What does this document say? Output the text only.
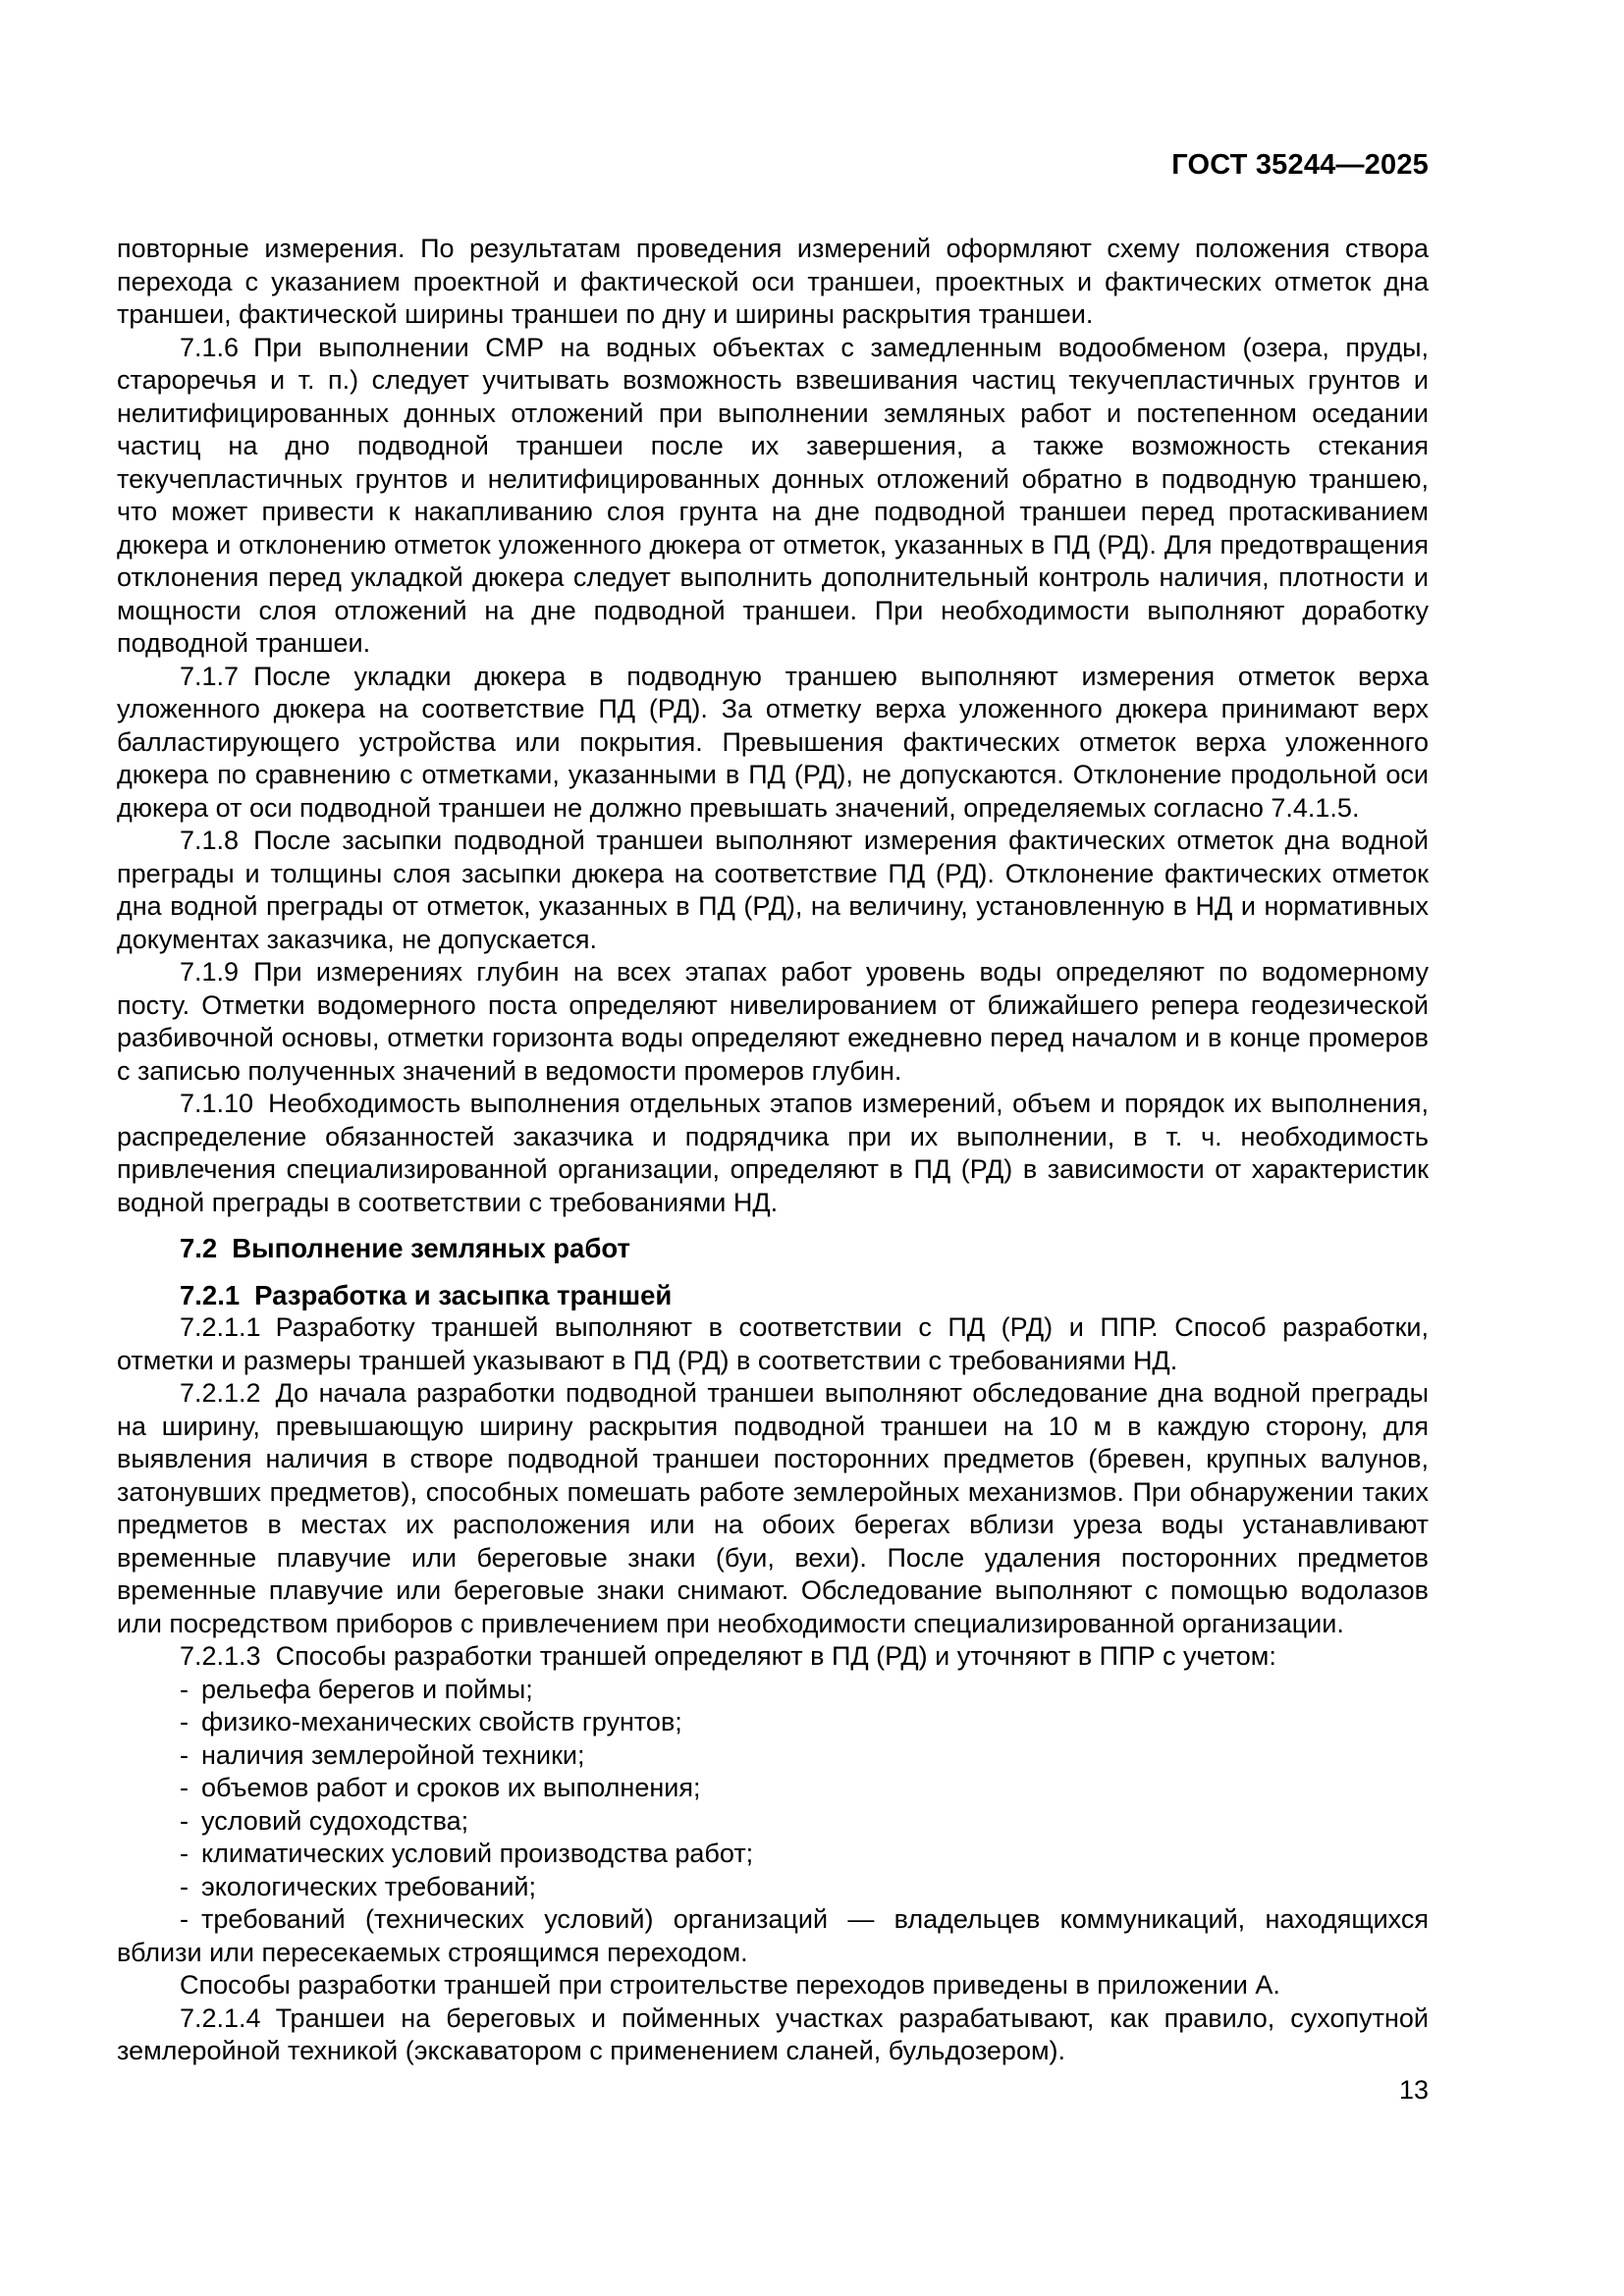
ГОСТ 35244—2025

повторные измерения. По результатам проведения измерений оформляют схему положения створа перехода с указанием проектной и фактической оси траншеи, проектных и фактических отметок дна траншеи, фактической ширины траншеи по дну и ширины раскрытия траншеи.

7.1.6 При выполнении СМР на водных объектах с замедленным водообменом (озера, пруды, староречья и т. п.) следует учитывать возможность взвешивания частиц текучепластичных грунтов и нелитифицированных донных отложений при выполнении земляных работ и постепенном оседании частиц на дно подводной траншеи после их завершения, а также возможность стекания текучепластичных грунтов и нелитифицированных донных отложений обратно в подводную траншею, что может привести к накапливанию слоя грунта на дне подводной траншеи перед протаскиванием дюкера и отклонению отметок уложенного дюкера от отметок, указанных в ПД (РД). Для предотвращения отклонения перед укладкой дюкера следует выполнить дополнительный контроль наличия, плотности и мощности слоя отложений на дне подводной траншеи. При необходимости выполняют доработку подводной траншеи.

7.1.7 После укладки дюкера в подводную траншею выполняют измерения отметок верха уложенного дюкера на соответствие ПД (РД). За отметку верха уложенного дюкера принимают верх балластирующего устройства или покрытия. Превышения фактических отметок верха уложенного дюкера по сравнению с отметками, указанными в ПД (РД), не допускаются. Отклонение продольной оси дюкера от оси подводной траншеи не должно превышать значений, определяемых согласно 7.4.1.5.

7.1.8 После засыпки подводной траншеи выполняют измерения фактических отметок дна водной преграды и толщины слоя засыпки дюкера на соответствие ПД (РД). Отклонение фактических отметок дна водной преграды от отметок, указанных в ПД (РД), на величину, установленную в НД и нормативных документах заказчика, не допускается.

7.1.9 При измерениях глубин на всех этапах работ уровень воды определяют по водомерному посту. Отметки водомерного поста определяют нивелированием от ближайшего репера геодезической разбивочной основы, отметки горизонта воды определяют ежедневно перед началом и в конце промеров с записью полученных значений в ведомости промеров глубин.

7.1.10 Необходимость выполнения отдельных этапов измерений, объем и порядок их выполнения, распределение обязанностей заказчика и подрядчика при их выполнении, в т. ч. необходимость привлечения специализированной организации, определяют в ПД (РД) в зависимости от характеристик водной преграды в соответствии с требованиями НД.

7.2 Выполнение земляных работ

7.2.1 Разработка и засыпка траншей

7.2.1.1 Разработку траншей выполняют в соответствии с ПД (РД) и ППР. Способ разработки, отметки и размеры траншей указывают в ПД (РД) в соответствии с требованиями НД.

7.2.1.2 До начала разработки подводной траншеи выполняют обследование дна водной преграды на ширину, превышающую ширину раскрытия подводной траншеи на 10 м в каждую сторону, для выявления наличия в створе подводной траншеи посторонних предметов (бревен, крупных валунов, затонувших предметов), способных помешать работе землеройных механизмов. При обнаружении таких предметов в местах их расположения или на обоих берегах вблизи уреза воды устанавливают временные плавучие или береговые знаки (буи, вехи). После удаления посторонних предметов временные плавучие или береговые знаки снимают. Обследование выполняют с помощью водолазов или посредством приборов с привлечением при необходимости специализированной организации.

7.2.1.3 Способы разработки траншей определяют в ПД (РД) и уточняют в ППР с учетом:

- рельефа берегов и поймы;

- физико-механических свойств грунтов;

- наличия землеройной техники;

- объемов работ и сроков их выполнения;

- условий судоходства;

- климатических условий производства работ;

- экологических требований;

- требований (технических условий) организаций — владельцев коммуникаций, находящихся вблизи или пересекаемых строящимся переходом.

Способы разработки траншей при строительстве переходов приведены в приложении А.

7.2.1.4 Траншеи на береговых и пойменных участках разрабатывают, как правило, сухопутной землеройной техникой (экскаватором с применением сланей, бульдозером).

13
